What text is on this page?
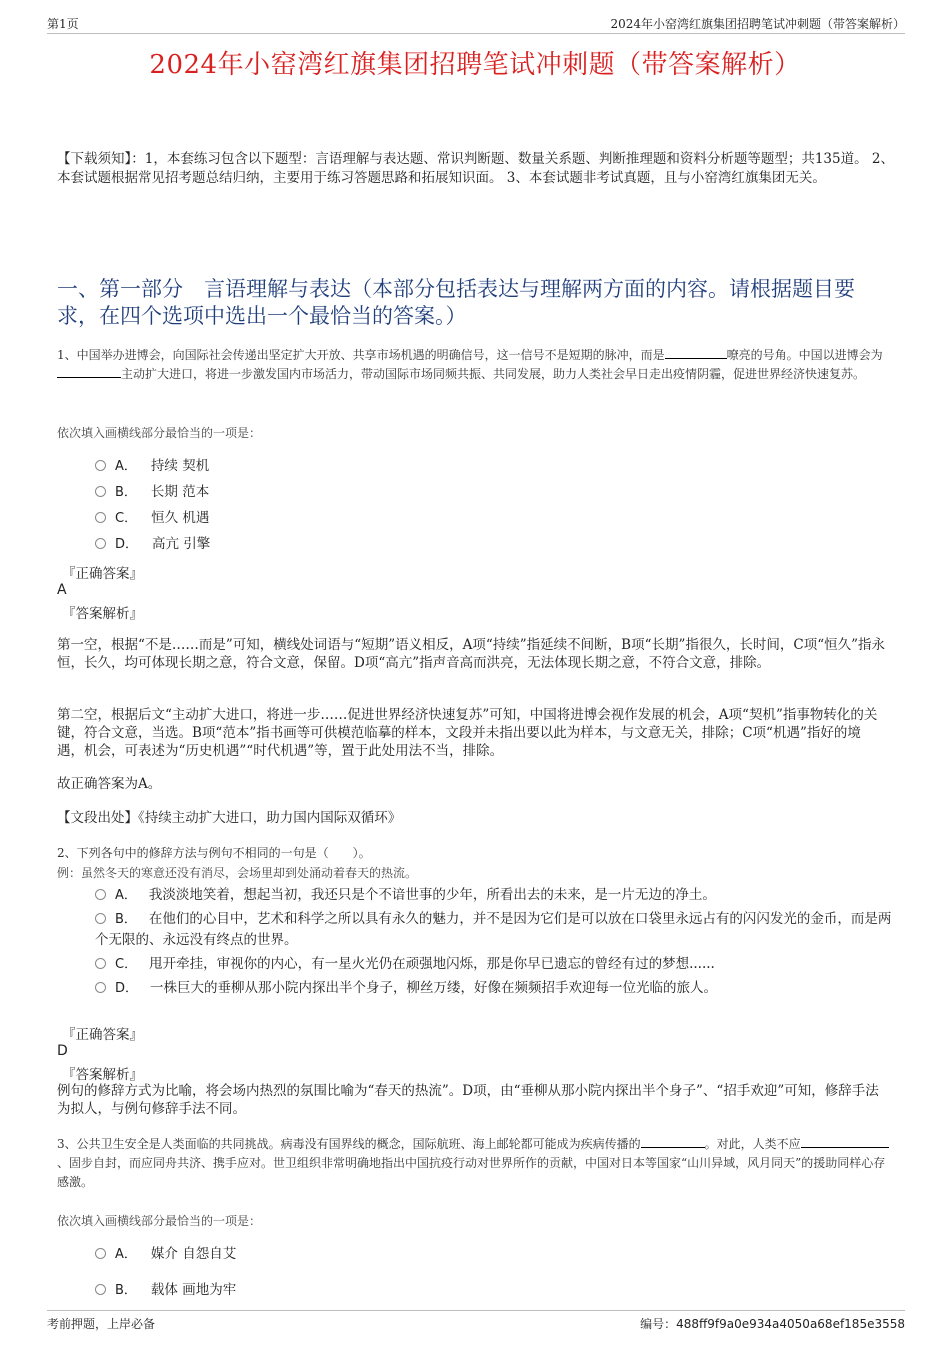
第1页	2024年小窑湾红旗集团招聘笔试冲刺题（带答案解析）
2024年小窑湾红旗集团招聘笔试冲刺题（带答案解析）
【下载须知】：1，本套练习包含以下题型：言语理解与表达题、常识判断题、数量关系题、判断推理题和资料分析题等题型；共135道。 2、本套试题根据常见招考题总结归纳，主要用于练习答题思路和拓展知识面。 3、本套试题非考试真题，且与小窑湾红旗集团无关。
一、第一部分　言语理解与表达（本部分包括表达与理解两方面的内容。请根据题目要求，在四个选项中选出一个最恰当的答案。）
1、中国举办进博会，向国际社会传递出坚定扩大开放、共享市场机遇的明确信号，这一信号不是短期的脉冲，而是	嘹亮的号角。中国以进博会为主动扩大进口，将进一步激发国内市场活力，带动国际市场同频共振、共同发展，助力人类社会早日走出疫情阴霾，促进世界经济快速复苏。
依次填入画横线部分最恰当的一项是：
A． 持续 契机
B． 长期 范本
C． 恒久 机遇
D． 高亢 引擎
『正确答案』
A
『答案解析』
第一空，根据“不是……而是”可知，横线处词语与“短期”语义相反，A项“持续”指延续不间断，B项“长期”指很久，长时间，C项“恒久”指永恒，长久，均可体现长期之意，符合文意，保留。D项“高亢”指声音高而洪亮，无法体现长期之意，不符合文意，排除。
第二空，根据后文“主动扩大进口，将进一步……促进世界经济快速复苏”可知，中国将进博会视作发展的机会，A项“契机”指事物转化的关键，符合文意，当选。B项“范本”指书画等可供模范临摹的样本，文段并未指出要以此为样本，与文意无关，排除；C项“机遇”指好的境遇，机会，可表述为“历史机遇”“时代机遇”等，置于此处用法不当，排除。
故正确答案为A。
【文段出处】《持续主动扩大进口，助力国内国际双循环》
2、下列各句中的修辞方法与例句不相同的一句是（　　）。
例：虽然冬天的寒意还没有消尽，会场里却到处涌动着春天的热流。
A． 我淡淡地笑着，想起当初，我还只是个不谙世事的少年，所看出去的未来，是一片无边的净土。
B． 在他们的心目中，艺术和科学之所以具有永久的魅力，并不是因为它们是可以放在口袋里永远占有的闪闪发光的金币，而是两个无限的、永远没有终点的世界。
C． 甩开牵挂，审视你的内心，有一星火光仍在顽强地闪烁，那是你早已遗忘的曾经有过的梦想......
D． 一株巨大的垂柳从那小院内探出半个身子，柳丝万缕，好像在频频招手欢迎每一位光临的旅人。
『正确答案』
D
『答案解析』
例句的修辞方式为比喻，将会场内热烈的氛围比喻为“春天的热流”。D项，由“垂柳从那小院内探出半个身子”、“招手欢迎”可知，修辞手法为拟人，与例句修辞手法不同。
3、公共卫生安全是人类面临的共同挑战。病毒没有国界线的概念，国际航班、海上邮轮都可能成为疾病传播的	。对此，人类不应、固步自封，而应同舟共济、携手应对。世卫组织非常明确地指出中国抗疫行动对世界所作的贡献，中国对日本等国家“山川异域，风月同天”的援助同样心存感激。
依次填入画横线部分最恰当的一项是：
A． 媒介 自怨自艾
B． 载体 画地为牢
考前押题，上岸必备	编号：488ff9f9a0e934a4050a68ef185e3558
